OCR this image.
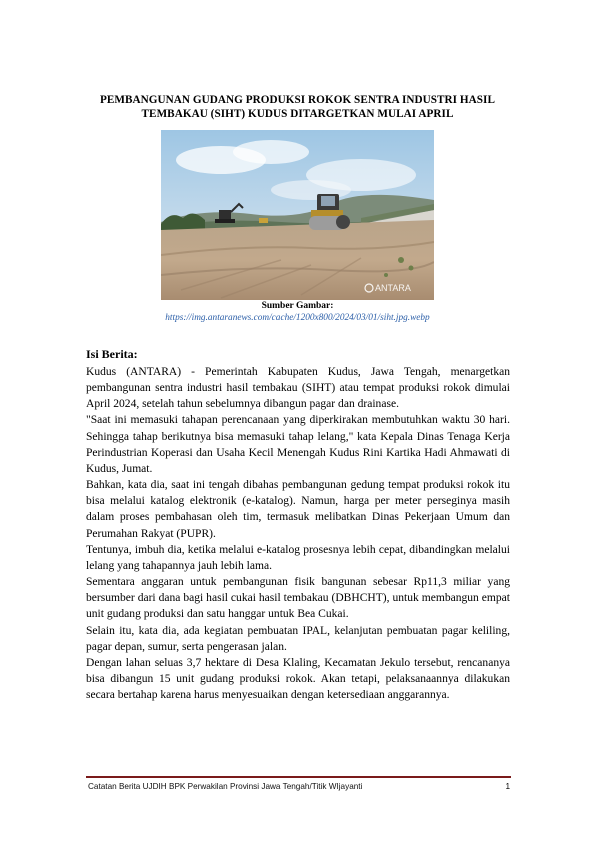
PEMBANGUNAN GUDANG PRODUKSI ROKOK SENTRA INDUSTRI HASIL TEMBAKAU (SIHT) KUDUS DITARGETKAN MULAI APRIL
ANTARA
Sumber Gambar:
https://img.antaranews.com/cache/1200x800/2024/03/01/siht.jpg.webp
Isi Berita:

Kudus (ANTARA) - Pemerintah Kabupaten Kudus, Jawa Tengah, menargetkan pembangunan sentra industri hasil tembakau (SIHT) atau tempat produksi rokok dimulai April 2024, setelah tahun sebelumnya dibangun pagar dan drainase.

"Saat ini memasuki tahapan perencanaan yang diperkirakan membutuhkan waktu 30 hari. Sehingga tahap berikutnya bisa memasuki tahap lelang," kata Kepala Dinas Tenaga Kerja Perindustrian Koperasi dan Usaha Kecil Menengah Kudus Rini Kartika Hadi Ahmawati di Kudus, Jumat.

Bahkan, kata dia, saat ini tengah dibahas pembangunan gedung tempat produksi rokok itu bisa melalui katalog elektronik (e-katalog). Namun, harga per meter perseginya masih dalam proses pembahasan oleh tim, termasuk melibatkan Dinas Pekerjaan Umum dan Perumahan Rakyat (PUPR).

Tentunya, imbuh dia, ketika melalui e-katalog prosesnya lebih cepat, dibandingkan melalui lelang yang tahapannya jauh lebih lama.

Sementara anggaran untuk pembangunan fisik bangunan sebesar Rp11,3 miliar yang bersumber dari dana bagi hasil cukai hasil tembakau (DBHCHT), untuk membangun empat unit gudang produksi dan satu hanggar untuk Bea Cukai.

Selain itu, kata dia, ada kegiatan pembuatan IPAL, kelanjutan pembuatan pagar keliling, pagar depan, sumur, serta pengerasan jalan.

Dengan lahan seluas 3,7 hektare di Desa Klaling, Kecamatan Jekulo tersebut, rencananya bisa dibangun 15 unit gudang produksi rokok. Akan tetapi, pelaksanaannya dilakukan secara bertahap karena harus menyesuaikan dengan ketersediaan anggarannya.

Catatan Berita UJDIH BPK Perwakilan Provinsi Jawa Tengah/Titik WIjayanti	1
